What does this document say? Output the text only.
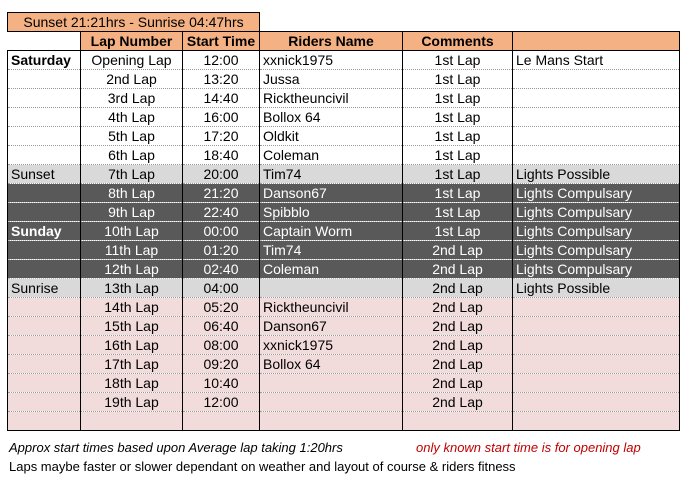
Sunset 21:21hrs - Sunrise 04:47hrs					
	Lap Number	Start Time	Riders Name	Comments	
Saturday	Opening Lap	12:00	xxnick1975	1st Lap	Le Mans Start
	2nd Lap	13:20	Jussa	1st Lap	
	3rd Lap	14:40	Ricktheuncivil	1st Lap	
	4th Lap	16:00	Bollox 64	1st Lap	
	5th Lap	17:20	Oldkit	1st Lap	
	6th Lap	18:40	Coleman	1st Lap	
Sunset	7th Lap	20:00	Tim74	1st Lap	Lights Possible
	8th Lap	21:20	Danson67	1st Lap	Lights Compulsary
	9th Lap	22:40	Spibblo	1st Lap	Lights Compulsary
Sunday	10th Lap	00:00	Captain Worm	1st Lap	Lights Compulsary
	11th Lap	01:20	Tim74	2nd Lap	Lights Compulsary
	12th Lap	02:40	Coleman	2nd Lap	Lights Compulsary
Sunrise	13th Lap	04:00		2nd Lap	Lights Possible
	14th Lap	05:20	Ricktheuncivil	2nd Lap	
	15th Lap	06:40	Danson67	2nd Lap	
	16th Lap	08:00	xxnick1975	2nd Lap	
	17th Lap	09:20	Bollox 64	2nd Lap	
	18th Lap	10:40		2nd Lap	
	19th Lap	12:00		2nd Lap	

Approx start times based upon Average lap taking 1:20hrs	only known start time is for opening lap
Laps maybe faster or slower dependant on weather and layout of course & riders fitness
